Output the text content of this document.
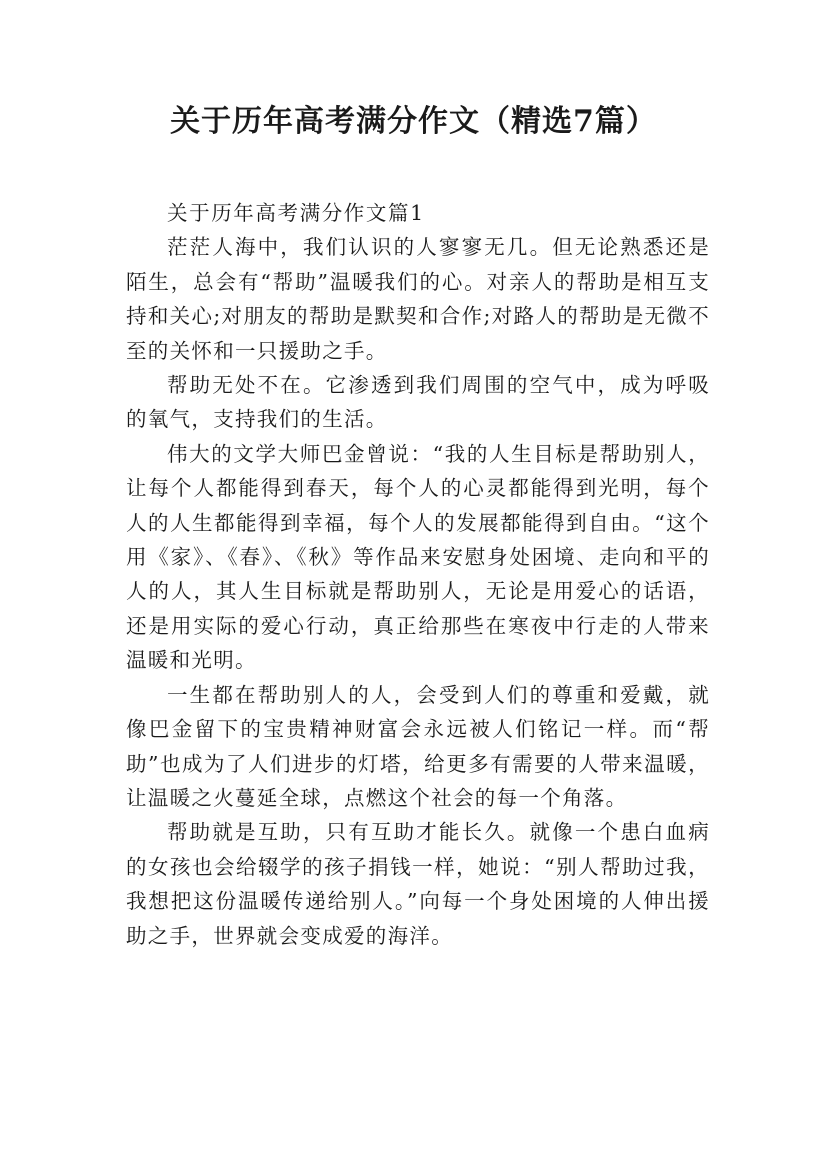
关于历年高考满分作文（精选7篇）

关于历年高考满分作文篇1

茫茫人海中，我们认识的人寥寥无几。但无论熟悉还是陌生，总会有“帮助”温暖我们的心。对亲人的帮助是相互支持和关心;对朋友的帮助是默契和合作;对路人的帮助是无微不至的关怀和一只援助之手。

帮助无处不在。它渗透到我们周围的空气中，成为呼吸的氧气，支持我们的生活。

伟大的文学大师巴金曾说：“我的人生目标是帮助别人，让每个人都能得到春天，每个人的心灵都能得到光明，每个人的人生都能得到幸福，每个人的发展都能得到自由。“这个用《家》、《春》、《秋》等作品来安慰身处困境、走向和平的人的人，其人生目标就是帮助别人，无论是用爱心的话语，还是用实际的爱心行动，真正给那些在寒夜中行走的人带来温暖和光明。

一生都在帮助别人的人，会受到人们的尊重和爱戴，就像巴金留下的宝贵精神财富会永远被人们铭记一样。而“帮助”也成为了人们进步的灯塔，给更多有需要的人带来温暖，让温暖之火蔓延全球，点燃这个社会的每一个角落。

帮助就是互助，只有互助才能长久。就像一个患白血病的女孩也会给辍学的孩子捐钱一样，她说：“别人帮助过我，我想把这份温暖传递给别人。”向每一个身处困境的人伸出援助之手，世界就会变成爱的海洋。
